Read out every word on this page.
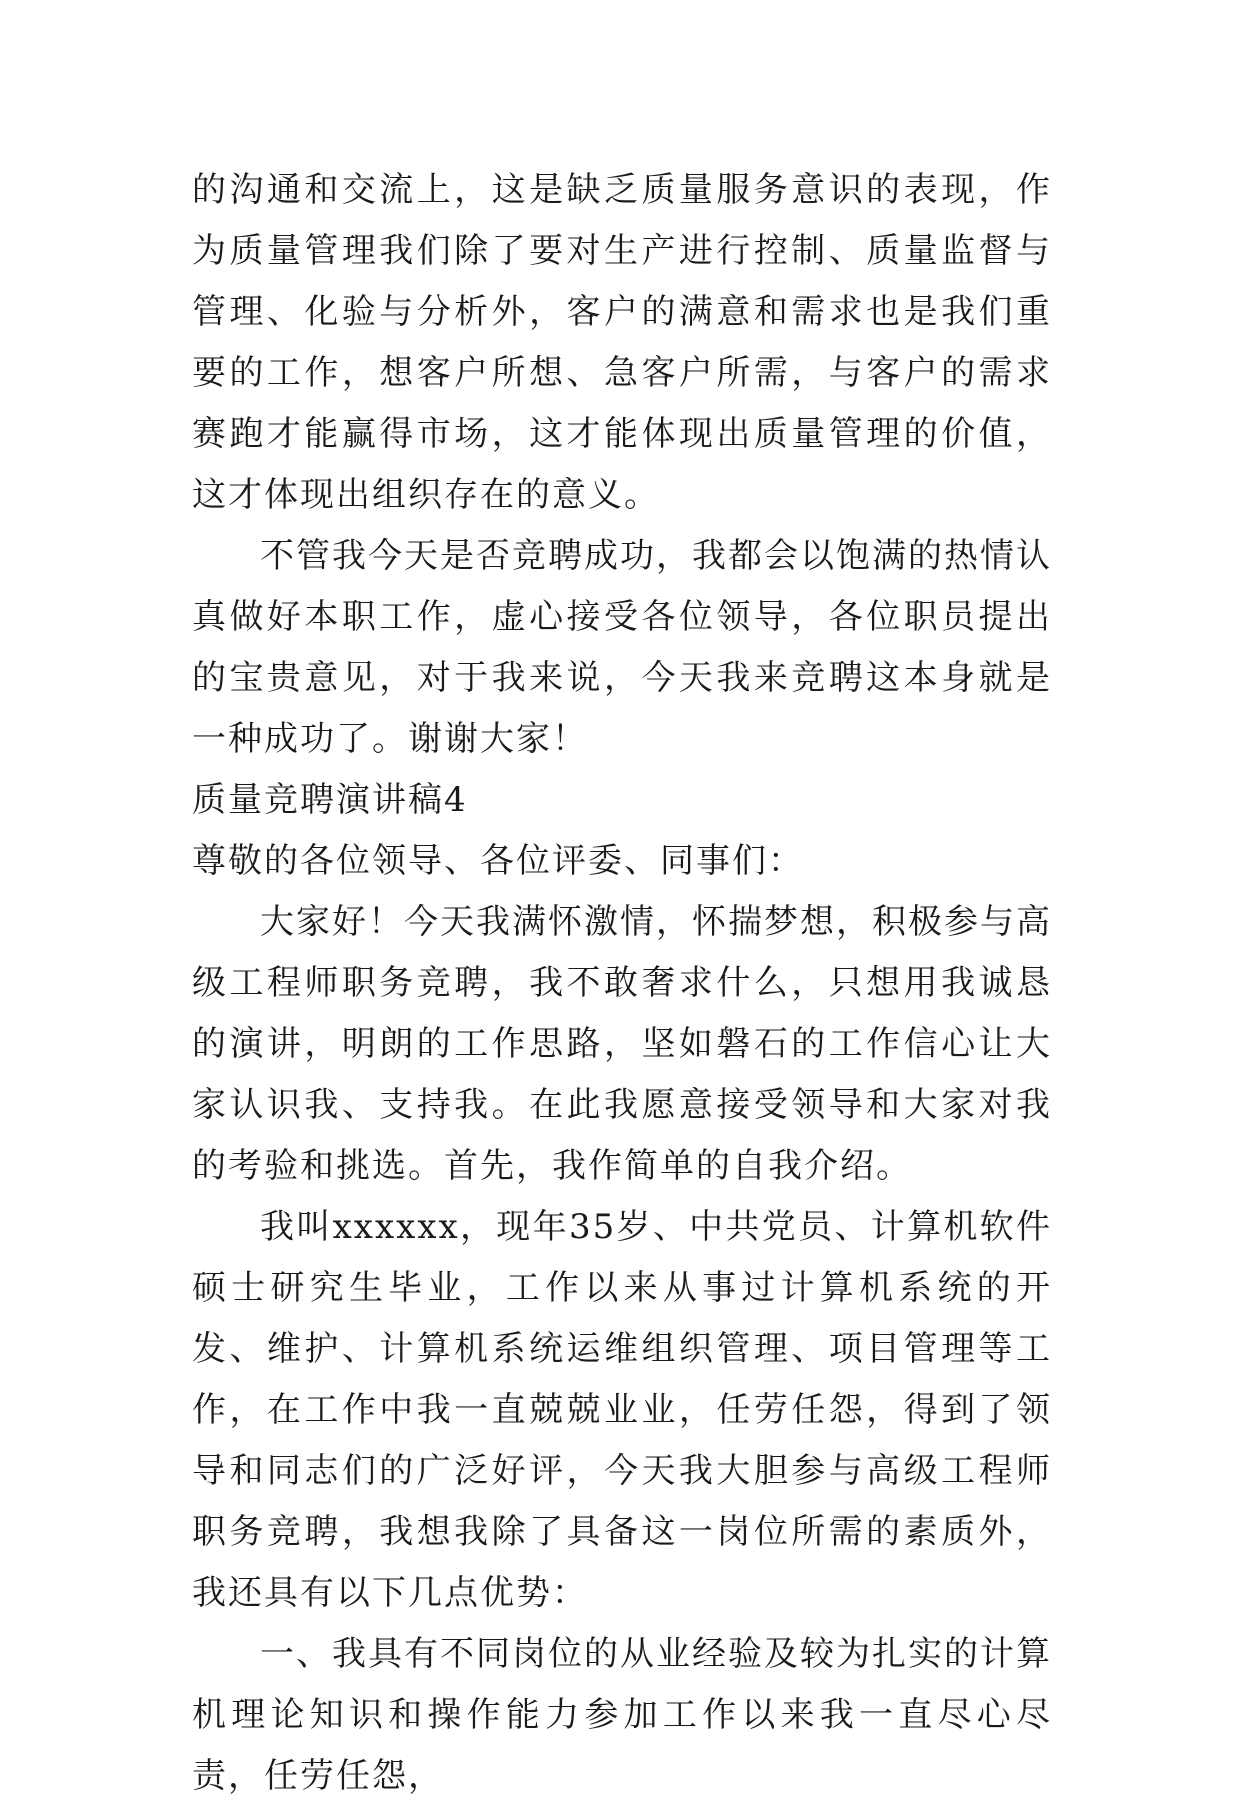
的沟通和交流上，这是缺乏质量服务意识的表现，作为质量管理我们除了要对生产进行控制、质量监督与管理、化验与分析外，客户的满意和需求也是我们重要的工作，想客户所想、急客户所需，与客户的需求赛跑才能赢得市场，这才能体现出质量管理的价值，这才体现出组织存在的意义。

不管我今天是否竞聘成功，我都会以饱满的热情认真做好本职工作，虚心接受各位领导，各位职员提出的宝贵意见，对于我来说，今天我来竞聘这本身就是一种成功了。谢谢大家！

质量竞聘演讲稿4

尊敬的各位领导、各位评委、同事们：

大家好！今天我满怀激情，怀揣梦想，积极参与高级工程师职务竞聘，我不敢奢求什么，只想用我诚恳的演讲，明朗的工作思路，坚如磐石的工作信心让大家认识我、支持我。在此我愿意接受领导和大家对我的考验和挑选。首先，我作简单的自我介绍。

我叫xxxxxx，现年35岁、中共党员、计算机软件硕士研究生毕业，工作以来从事过计算机系统的开发、维护、计算机系统运维组织管理、项目管理等工作，在工作中我一直兢兢业业，任劳任怨，得到了领导和同志们的广泛好评，今天我大胆参与高级工程师职务竞聘，我想我除了具备这一岗位所需的素质外，我还具有以下几点优势：

一、我具有不同岗位的从业经验及较为扎实的计算机理论知识和操作能力参加工作以来我一直尽心尽责，任劳任怨，
